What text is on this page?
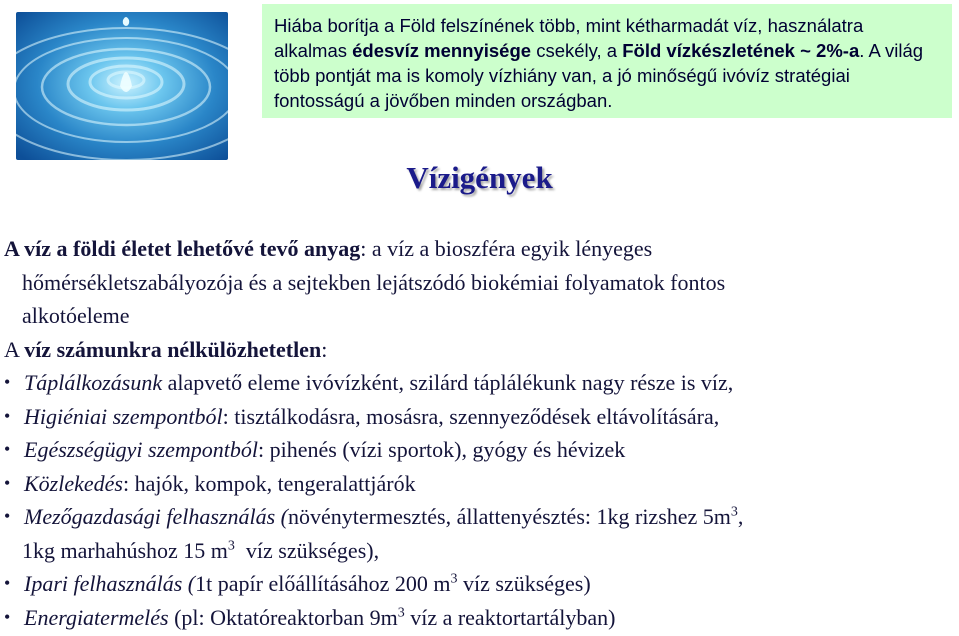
Hiába borítja a Föld felszínének több, mint kétharmadát víz, használatra alkalmas édesvíz mennyisége csekély, a Föld vízkészletének ~ 2%-a. A világ több pontját ma is komoly vízhiány van, a jó minőségű ivóvíz stratégiai fontosságú a jövőben minden országban.
Vízigények
A víz a földi életet lehetővé tevő anyag: a víz a bioszféra egyik lényeges
hőmérsékletszabályozója és a sejtekben lejátszódó biokémiai folyamatok fontos
alkotóeleme
A víz számunkra nélkülözhetetlen:
• Táplálkozásunk alapvető eleme ivóvízként, szilárd táplálékunk nagy része is víz,
• Higiéniai szempontból: tisztálkodásra, mosásra, szennyeződések eltávolítására,
• Egészségügyi szempontból: pihenés (vízi sportok), gyógy és hévizek
• Közlekedés: hajók, kompok, tengeralattjárók
• Mezőgazdasági felhasználás (növénytermesztés, állattenyésztés: 1kg rizshez $5m^3$,
1kg marhahúshoz 15 $m^3$  víz szükséges),
• Ipari felhasználás (1t papír előállításához 200 $m^3$ víz szükséges)
• Energiatermelés (pl: Oktatóreaktorban $9m^3$ víz a reaktortartályban)
